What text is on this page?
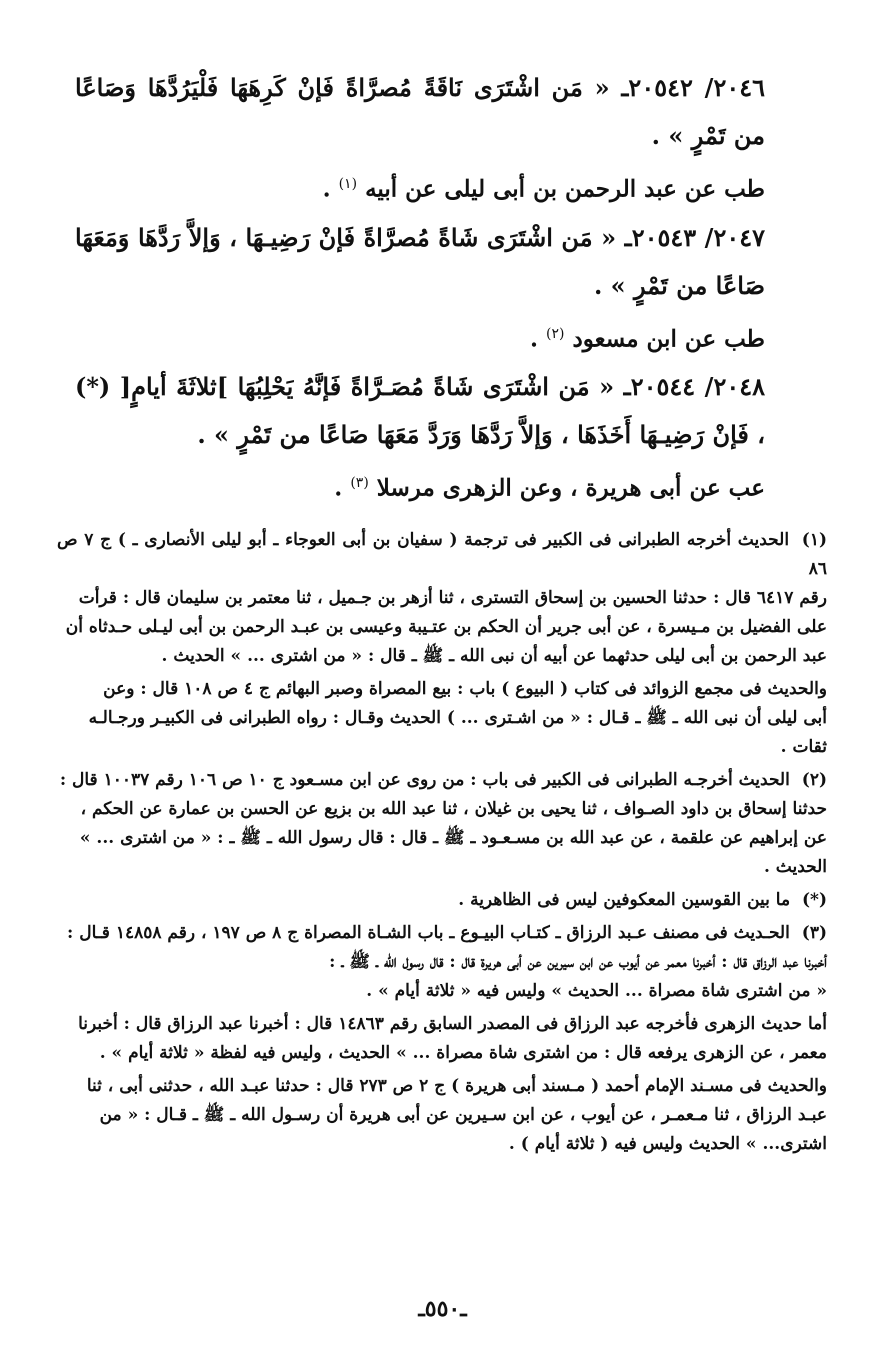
٢٠٤٦/ ٢٠٥٤٢ـ « مَن اشْتَرَى نَاقَةً مُصرَّاةً فَإنْ كَرِهَهَا فَلْيَرُدَّهَا وَصَاعًا من تَمْرٍ » .

طب عن عبد الرحمن بن أبى ليلى عن أبيه $^{(١)}$ .

٢٠٤٧/ ٢٠٥٤٣ـ « مَن اشْتَرَى شَاةً مُصرَّاةً فَإنْ رَضِيـهَا ، وَإلاَّ رَدَّهَا وَمَعَهَا صَاعًا من تَمْرٍ » .

طب عن ابن مسعود $^{(٢)}$ .

٢٠٤٨/ ٢٠٥٤٤ـ « مَن اشْتَرَى شَاةً مُصَـرَّاةً فَإنَّهُ يَحْلِبُهَا ]ثلاثَةَ أيامٍ[ (*) ، فَإنْ رَضِيـهَا أَخَذَهَا ، وَإلاَّ رَدَّهَا وَرَدَّ مَعَهَا صَاعًا من تَمْرٍ » .

عب عن أبى هريرة ، وعن الزهرى مرسلا $^{(٣)}$ .

(١) الحديث أخرجه الطبرانى فى الكبير فى ترجمة ( سفيان بن أبى العوجاء ـ أبو ليلى الأنصارى ـ ) ج ٧ ص ٨٦
رقم ٦٤١٧ قال : حدثنا الحسين بن إسحاق التسترى ، ثنا أزهر بن جـميل ، ثنا معتمر بن سليمان قال : قرأت
على الفضيل بن مـيسرة ، عن أبى جرير أن الحكم بن عتـيبة وعيسى بن عبـد الرحمن بن أبى ليـلى حـدثاه أن
عبد الرحمن بن أبى ليلى حدثهما عن أبيه أن نبى الله ـ ﷺ ـ قال : « من اشترى ... » الحديث .

والحديث فى مجمع الزوائد فى كتاب ( البيوع ) باب : بيع المصراة وصبر البهائم ج ٤ ص ١٠٨ قال : وعن
أبى ليلى أن نبى الله ـ ﷺ ـ قـال : « من اشـترى ... ) الحديث وقـال : رواه الطبرانى فى الكبيـر ورجـالـه
ثقات .

(٢) الحديث أخرجـه الطبرانى فى الكبير فى باب : من روى عن ابن مسـعود ج ١٠ ص ١٠٦ رقم ١٠٠٣٧ قال :
حدثنا إسحاق بن داود الصـواف ، ثنا يحيى بن غيلان ، ثنا عبد الله بن بزيع عن الحسن بن عمارة عن الحكم ،
عن إبراهيم عن علقمة ، عن عبد الله بن مسـعـود ـ ﷺ ـ قال : قال رسول الله ـ ﷺ ـ : « من اشترى ... »
الحديث .

(*) ما بين القوسين المعكوفين ليس فى الظاهرية .

(٣) الحـديث فى مصنف عـبد الرزاق ـ كتـاب البيـوع ـ باب الشـاة المصراة ج ٨ ص ١٩٧ ، رقم ١٤٨٥٨ قـال :
أخبرنا عبد الرزاق قال : أخبرنا معمر عن أيوب عن ابن سيرين عن أبى هريرة قال : قال رسول الله ـ ﷺ ـ :
« من اشترى شاة مصراة ... الحديث » وليس فيه « ثلاثة أيام » .

أما حديث الزهرى فأخرجه عبد الرزاق فى المصدر السابق رقم ١٤٨٦٣ قال : أخبرنا عبد الرزاق قال : أخبرنا
معمر ، عن الزهرى يرفعه قال : من اشترى شاة مصراة ... » الحديث ، وليس فيه لفظة « ثلاثة أيام » .

والحديث فى مسـند الإمام أحمد ( مـسند أبى هريرة ) ج ٢ ص ٢٧٣ قال : حدثنا عبـد الله ، حدثنى أبى ، ثنا
عبـد الرزاق ، ثنا مـعمـر ، عن أيوب ، عن ابن سـيرين عن أبى هريرة أن رسـول الله ـ ﷺ ـ قـال : « من
اشترى... » الحديث وليس فيه ( ثلاثة أيام ) .

ـ٥٥٠ـ
